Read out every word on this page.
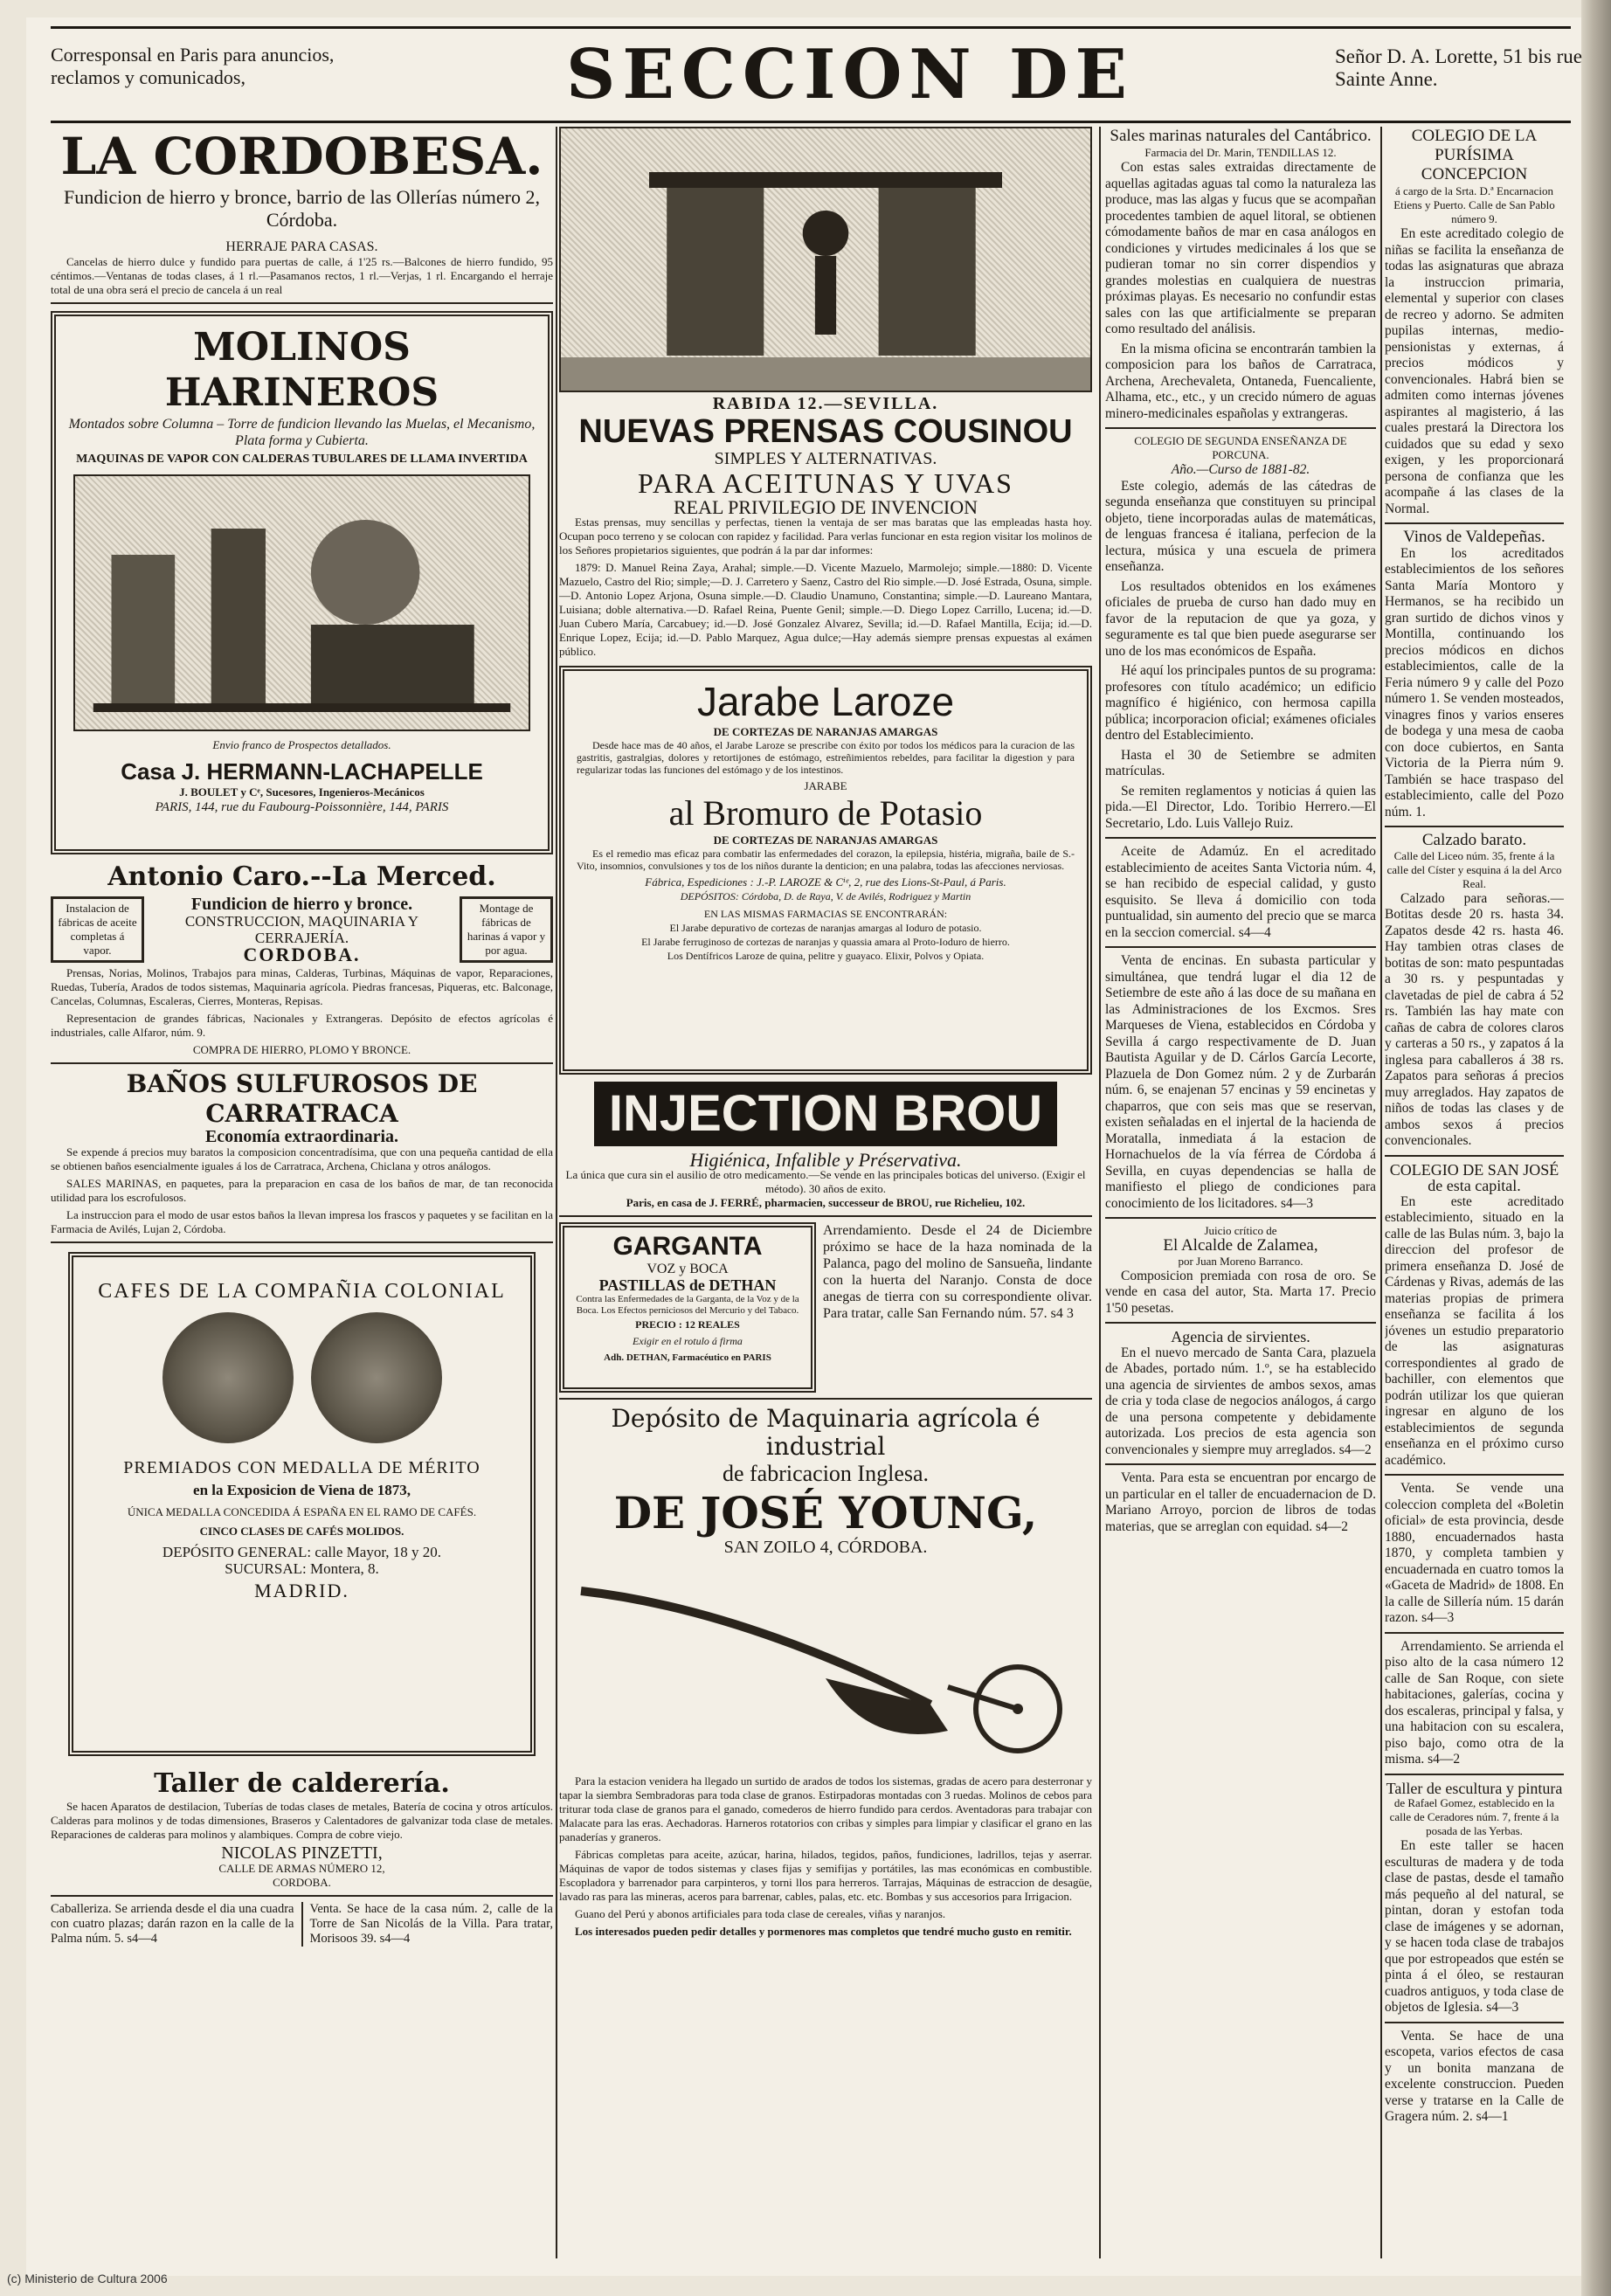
Corresponsal en Paris para anuncios, reclamos y comunicados,	SECCION DE	Señor D. A. Lorette, 51 bis rue Sainte Anne.
LA CORDOBESA.
Fundicion de hierro y bronce, barrio de las Ollerías número 2, Córdoba.
HERRAJE PARA CASAS.

Cancelas de hierro dulce y fundido para puertas de calle, á 1'25 rs.—Balcones de hierro fundido, 95 céntimos.—Ventanas de todas clases, á 1 rl.—Pasamanos rectos, 1 rl.—Verjas, 1 rl. Encargando el herraje total de una obra será el precio de cancela á un real

MOLINOS HARINEROS
Montados sobre Columna – Torre de fundicion llevando las Muelas, el Mecanismo, Plata forma y Cubierta.
MAQUINAS DE VAPOR CON CALDERAS TUBULARES DE LLAMA INVERTIDA
Envio franco de Prospectos detallados.
Casa J. HERMANN-LACHAPELLE
J. BOULET y Cᵉ, Sucesores, Ingenieros-Mecánicos
PARIS, 144, rue du Faubourg-Poissonnière, 144, PARIS
Antonio Caro.--La Merced.
Instalacion de fábricas de aceite completas á vapor.
Fundicion de hierro y bronce.
CONSTRUCCION, MAQUINARIA Y CERRAJERÍA.
CORDOBA.
Montage de fábricas de harinas á vapor y por agua.

Prensas, Norias, Molinos, Trabajos para minas, Calderas, Turbinas, Máquinas de vapor, Reparaciones, Ruedas, Tubería, Arados de todos sistemas, Maquinaria agrícola. Piedras francesas, Piqueras, etc. Balconage, Cancelas, Columnas, Escaleras, Cierres, Monteras, Repisas.

Representacion de grandes fábricas, Nacionales y Extrangeras. Depósito de efectos agrícolas é industriales, calle Alfaror, núm. 9.

COMPRA DE HIERRO, PLOMO Y BRONCE.
BAÑOS SULFUROSOS DE CARRATRACA
Economía extraordinaria.

Se expende á precios muy baratos la composicion concentradísima, que con una pequeña cantidad de ella se obtienen baños esencialmente iguales á los de Carratraca, Archena, Chiclana y otros análogos.

SALES MARINAS, en paquetes, para la preparacion en casa de los baños de mar, de tan reconocida utilidad para los escrofulosos.

La instruccion para el modo de usar estos baños la llevan impresa los frascos y paquetes y se facilitan en la Farmacia de Avilés, Lujan 2, Córdoba.

CAFES DE LA COMPAÑIA COLONIAL

PREMIADOS CON MEDALLA DE MÉRITO
en la Exposicion de Viena de 1873,
ÚNICA MEDALLA CONCEDIDA Á ESPAÑA EN EL RAMO DE CAFÉS.
CINCO CLASES DE CAFÉS MOLIDOS.
DEPÓSITO GENERAL: calle Mayor, 18 y 20.
SUCURSAL: Montera, 8.
MADRID.
Taller de calderería.

Se hacen Aparatos de destilacion, Tuberías de todas clases de metales, Batería de cocina y otros artículos. Calderas para molinos y de todas dimensiones, Braseros y Calentadores de galvanizar toda clase de metales. Reparaciones de calderas para molinos y alambiques. Compra de cobre viejo.

NICOLAS PINZETTI,
CALLE DE ARMAS NÚMERO 12,
CORDOBA.
Caballeriza. Se arrienda desde el dia una cuadra con cuatro plazas; darán razon en la calle de la Palma núm. 5. s4—4
Venta. Se hace de la casa núm. 2, calle de la Torre de San Nicolás de la Villa. Para tratar, Morisoos 39. s4—4
RABIDA 12.—SEVILLA.
NUEVAS PRENSAS COUSINOU
SIMPLES Y ALTERNATIVAS.
PARA ACEITUNAS Y UVAS
REAL PRIVILEGIO DE INVENCION

Estas prensas, muy sencillas y perfectas, tienen la ventaja de ser mas baratas que las empleadas hasta hoy. Ocupan poco terreno y se colocan con rapidez y facilidad. Para verlas funcionar en esta region visitar los molinos de los Señores propietarios siguientes, que podrán á la par dar informes:

1879: D. Manuel Reina Zaya, Arahal; simple.—D. Vicente Mazuelo, Marmolejo; simple.—1880: D. Vicente Mazuelo, Castro del Rio; simple;—D. J. Carretero y Saenz, Castro del Rio simple.—D. José Estrada, Osuna, simple.—D. Antonio Lopez Arjona, Osuna simple.—D. Claudio Unamuno, Constantina; simple.—D. Laureano Mantara, Luisiana; doble alternativa.—D. Rafael Reina, Puente Genil; simple.—D. Diego Lopez Carrillo, Lucena; id.—D. Juan Cubero María, Carcabuey; id.—D. José Gonzalez Alvarez, Sevilla; id.—D. Rafael Mantilla, Ecija; id.—D. Enrique Lopez, Ecija; id.—D. Pablo Marquez, Agua dulce;—Hay además siempre prensas expuestas al exámen público.

Jarabe Laroze
DE CORTEZAS DE NARANJAS AMARGAS

Desde hace mas de 40 años, el Jarabe Laroze se prescribe con éxito por todos los médicos para la curacion de las gastritis, gastralgias, dolores y retortijones de estómago, estreñimientos rebeldes, para facilitar la digestion y para regularizar todas las funciones del estómago y de los intestinos.

JARABE
al Bromuro de Potasio
DE CORTEZAS DE NARANJAS AMARGAS

Es el remedio mas eficaz para combatir las enfermedades del corazon, la epilepsia, histéria, migraña, baile de S.-Vito, insomnios, convulsiones y tos de los niños durante la denticion; en una palabra, todas las afecciones nerviosas.

Fábrica, Espediciones : J.-P. LAROZE & Cⁱᵉ, 2, rue des Lions-St-Paul, á Paris.
DEPÓSITOS: Córdoba, D. de Raya, V. de Avilés, Rodriguez y Martin
EN LAS MISMAS FARMACIAS SE ENCONTRARÁN:
El Jarabe depurativo de cortezas de naranjas amargas al Ioduro de potasio.
El Jarabe ferruginoso de cortezas de naranjas y quassia amara al Proto-Ioduro de hierro.
Los Dentífricos Laroze de quina, pelitre y guayaco. Elixir, Polvos y Opiata.
INJECTION BROU
Higiénica, Infalible y Préservativa.
La única que cura sin el ausilio de otro medicamento.—Se vende en las principales boticas del universo. (Exigir el método). 30 años de exito.
Paris, en casa de J. FERRÉ, pharmacien, successeur de BROU, rue Richelieu, 102.
GARGANTA
VOZ y BOCA
PASTILLAS de DETHAN
Contra las Enfermedades de la Garganta, de la Voz y de la Boca. Los Efectos perniciosos del Mercurio y del Tabaco.
PRECIO : 12 REALES
Exigir en el rotulo á firma
Adh. DETHAN, Farmacéutico en PARIS
Arrendamiento. Desde el 24 de Diciembre próximo se hace de la haza nominada de la Palanca, pago del molino de Sansueña, lindante con la huerta del Naranjo. Consta de doce anegas de tierra con su correspondiente olivar. Para tratar, calle San Fernando núm. 57. s4 3
Depósito de Maquinaria agrícola é industrial
de fabricacion Inglesa.
DE JOSÉ YOUNG,
SAN ZOILO 4, CÓRDOBA.

Para la estacion venidera ha llegado un surtido de arados de todos los sistemas, gradas de acero para desterronar y tapar la siembra Sembradoras para toda clase de granos. Estirpadoras montadas con 3 ruedas. Molinos de cebos para triturar toda clase de granos para el ganado, comederos de hierro fundido para cerdos. Aventadoras para trabajar con Malacate para las eras. Aechadoras. Harneros rotatorios con cribas y simples para limpiar y clasificar el grano en las panaderías y graneros.

Fábricas completas para aceite, azúcar, harina, hilados, tegidos, paños, fundiciones, ladrillos, tejas y aserrar. Máquinas de vapor de todos sistemas y clases fijas y semifijas y portátiles, las mas económicas en combustible. Escopladora y barrenador para carpinteros, y torni llos para herreros. Tarrajas, Máquinas de estraccion de desagüe, lavado ras para las mineras, aceros para barrenar, cables, palas, etc. etc. Bombas y sus accesorios para Irrigacion.

Guano del Perú y abonos artificiales para toda clase de cereales, viñas y naranjos.

Los interesados pueden pedir detalles y pormenores mas completos que tendré mucho gusto en remitir.

Sales marinas naturales del Cantábrico.
Farmacia del Dr. Marin, TENDILLAS 12.

Con estas sales extraidas directamente de aquellas agitadas aguas tal como la naturaleza las produce, mas las algas y fucus que se acompañan procedentes tambien de aquel litoral, se obtienen cómodamente baños de mar en casa análogos en condiciones y virtudes medicinales á los que se pudieran tomar no sin correr dispendios y grandes molestias en cualquiera de nuestras próximas playas. Es necesario no confundir estas sales con las que artificialmente se preparan como resultado del análisis.

En la misma oficina se encontrarán tambien la composicion para los baños de Carratraca, Archena, Arechevaleta, Ontaneda, Fuencaliente, Alhama, etc., etc., y un crecido número de aguas minero-medicinales españolas y extrangeras.

COLEGIO DE SEGUNDA ENSEÑANZA DE PORCUNA.
Año.—Curso de 1881-82.

Este colegio, además de las cátedras de segunda enseñanza que constituyen su principal objeto, tiene incorporadas aulas de matemáticas, de lenguas francesa é italiana, perfecion de la lectura, música y una escuela de primera enseñanza.

Los resultados obtenidos en los exámenes oficiales de prueba de curso han dado muy en favor de la reputacion de que ya goza, y seguramente es tal que bien puede asegurarse ser uno de los mas económicos de España.

Hé aquí los principales puntos de su programa: profesores con título académico; un edificio magnífico é higiénico, con hermosa capilla pública; incorporacion oficial; exámenes oficiales dentro del Establecimiento.

Hasta el 30 de Setiembre se admiten matrículas.

Se remiten reglamentos y noticias á quien las pida.—El Director, Ldo. Toribio Herrero.—El Secretario, Ldo. Luis Vallejo Ruiz.

Aceite de Adamúz. En el acreditado establecimiento de aceites Santa Victoria núm. 4, se han recibido de especial calidad, y gusto esquisito. Se lleva á domicilio con toda puntualidad, sin aumento del precio que se marca en la seccion comercial. s4—4

Venta de encinas. En subasta particular y simultánea, que tendrá lugar el dia 12 de Setiembre de este año á las doce de su mañana en las Administraciones de los Excmos. Sres Marqueses de Viena, establecidos en Córdoba y Sevilla á cargo respectivamente de D. Juan Bautista Aguilar y de D. Cárlos García Lecorte, Plazuela de Don Gomez núm. 2 y de Zurbarán núm. 6, se enajenan 57 encinas y 59 encinetas y chaparros, que con seis mas que se reservan, existen señaladas en el injertal de la hacienda de Moratalla, inmediata á la estacion de Hornachuelos de la vía férrea de Córdoba á Sevilla, en cuyas dependencias se halla de manifiesto el pliego de condiciones para conocimiento de los licitadores. s4—3

Juicio crítico de
El Alcalde de Zalamea,
por Juan Moreno Barranco.

Composicion premiada con rosa de oro. Se vende en casa del autor, Sta. Marta 17. Precio 1'50 pesetas.

Agencia de sirvientes.

En el nuevo mercado de Santa Cara, plazuela de Abades, portado núm. 1.º, se ha establecido una agencia de sirvientes de ambos sexos, amas de cria y toda clase de negocios análogos, á cargo de una persona competente y debidamente autorizada. Los precios de esta agencia son convencionales y siempre muy arreglados. s4—2

Venta. Para esta se encuentran por encargo de un particular en el taller de encuadernacion de D. Mariano Arroyo, porcion de libros de todas materias, que se arreglan con equidad. s4—2

COLEGIO DE LA PURÍSIMA CONCEPCION
á cargo de la Srta. D.ª Encarnacion Etiens y Puerto. Calle de San Pablo número 9.

En este acreditado colegio de niñas se facilita la enseñanza de todas las asignaturas que abraza la instruccion primaria, elemental y superior con clases de recreo y adorno. Se admiten pupilas internas, medio-pensionistas y externas, á precios módicos y convencionales. Habrá bien se admiten como internas jóvenes aspirantes al magisterio, á las cuales prestará la Directora los cuidados que su edad y sexo exigen, y les proporcionará persona de confianza que les acompañe á las clases de la Normal.

Vinos de Valdepeñas.

En los acreditados establecimientos de los señores Santa María Montoro y Hermanos, se ha recibido un gran surtido de dichos vinos y Montilla, continuando los precios módicos en dichos establecimientos, calle de la Feria número 9 y calle del Pozo número 1. Se venden mosteados, vinagres finos y varios enseres de bodega y una mesa de caoba con doce cubiertos, en Santa Victoria de la Pierra núm 9. También se hace traspaso del establecimiento, calle del Pozo núm. 1.

Calzado barato.
Calle del Liceo núm. 35, frente á la calle del Císter y esquina á la del Arco Real.

Calzado para señoras.—Botitas desde 20 rs. hasta 34. Zapatos desde 42 rs. hasta 46. Hay tambien otras clases de botitas de son: mato pespuntadas a 30 rs. y pespuntadas y clavetadas de piel de cabra á 52 rs. También las hay mate con cañas de cabra de colores claros y carteras a 50 rs., y zapatos á la inglesa para caballeros á 38 rs. Zapatos para señoras á precios muy arreglados. Hay zapatos de niños de todas las clases y de ambos sexos á precios convencionales.

COLEGIO DE SAN JOSÉ de esta capital.

En este acreditado establecimiento, situado en la calle de las Bulas núm. 3, bajo la direccion del profesor de primera enseñanza D. José de Cárdenas y Rivas, además de las materias propias de primera enseñanza se facilita á los jóvenes un estudio preparatorio de las asignaturas correspondientes al grado de bachiller, con elementos que podrán utilizar los que quieran ingresar en alguno de los establecimientos de segunda enseñanza en el próximo curso académico.

Venta. Se vende una coleccion completa del «Boletin oficial» de esta provincia, desde 1880, encuadernados hasta 1870, y completa tambien y encuadernada en cuatro tomos la «Gaceta de Madrid» de 1808. En la calle de Sillería núm. 15 darán razon. s4—3

Arrendamiento. Se arrienda el piso alto de la casa número 12 calle de San Roque, con siete habitaciones, galerías, cocina y dos escaleras, principal y falsa, y una habitacion con su escalera, piso bajo, como otra de la misma. s4—2

Taller de escultura y pintura
de Rafael Gomez, establecido en la calle de Ceradores núm. 7, frente á la posada de las Yerbas.

En este taller se hacen esculturas de madera y de toda clase de pastas, desde el tamaño más pequeño al del natural, se pintan, doran y estofan toda clase de imágenes y se adornan, y se hacen toda clase de trabajos que por estropeados que estén se pinta á el óleo, se restauran cuadros antiguos, y toda clase de objetos de Iglesia. s4—3

Venta. Se hace de una escopeta, varios efectos de casa y un bonita manzana de excelente construccion. Pueden verse y tratarse en la Calle de Gragera núm. 2. s4—1

(c) Ministerio de Cultura 2006
